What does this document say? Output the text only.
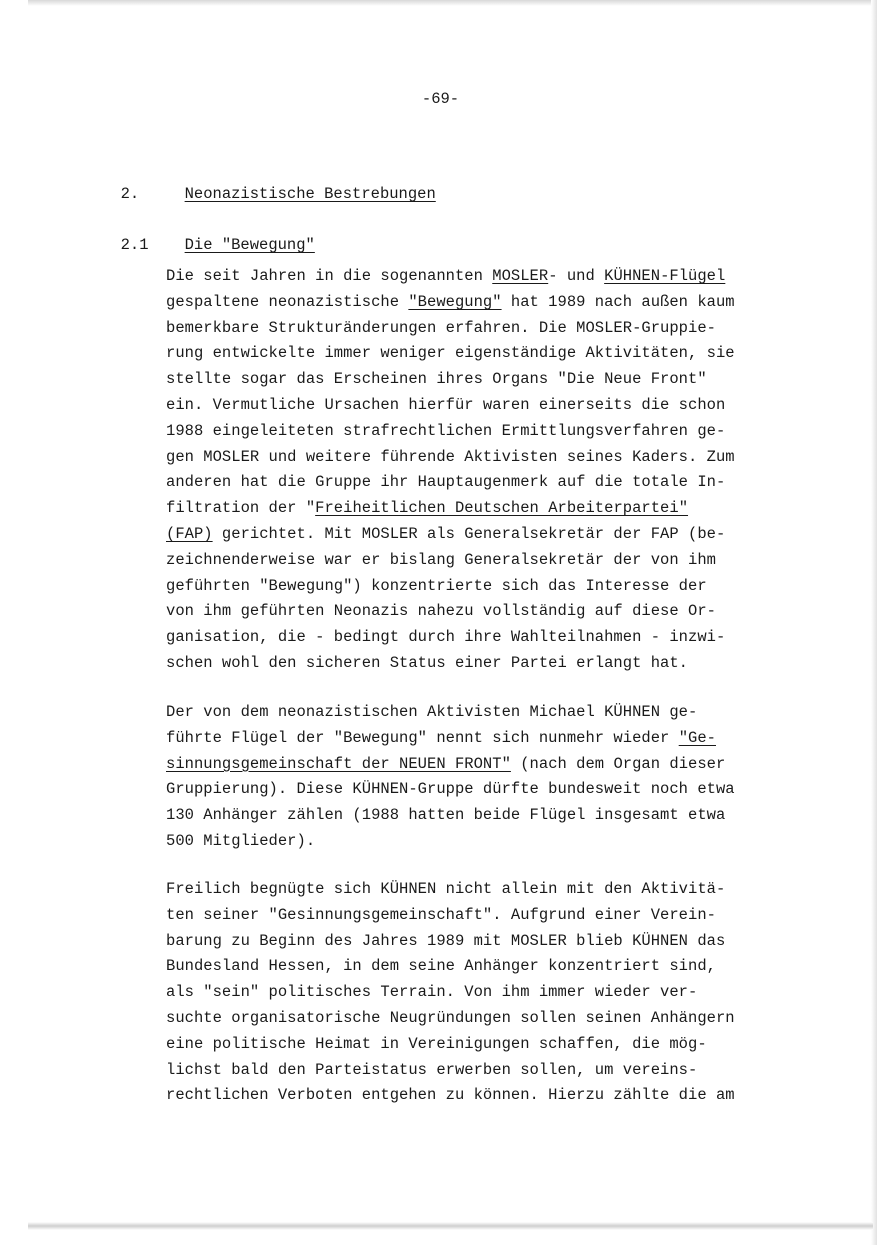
-69-

2.	Neonazistische Bestrebungen

2.1 Die "Bewegung"

Die seit Jahren in die sogenannten MOSLER- und KÜHNEN-Flügel
gespaltene neonazistische "Bewegung" hat 1989 nach außen kaum
bemerkbare Strukturänderungen erfahren. Die MOSLER-Gruppie-
rung entwickelte immer weniger eigenständige Aktivitäten, sie
stellte sogar das Erscheinen ihres Organs "Die Neue Front"
ein. Vermutliche Ursachen hierfür waren einerseits die schon
1988 eingeleiteten strafrechtlichen Ermittlungsverfahren ge-
gen MOSLER und weitere führende Aktivisten seines Kaders. Zum
anderen hat die Gruppe ihr Hauptaugenmerk auf die totale In-
filtration der "Freiheitlichen Deutschen Arbeiterpartei"
(FAP) gerichtet. Mit MOSLER als Generalsekretär der FAP (be-
zeichnenderweise war er bislang Generalsekretär der von ihm
geführten "Bewegung") konzentrierte sich das Interesse der
von ihm geführten Neonazis nahezu vollständig auf diese Or-
ganisation, die - bedingt durch ihre Wahlteilnahmen - inzwi-
schen wohl den sicheren Status einer Partei erlangt hat.
Der von dem neonazistischen Aktivisten Michael KÜHNEN ge-
führte Flügel der "Bewegung" nennt sich nunmehr wieder "Ge-
sinnungsgemeinschaft der NEUEN FRONT" (nach dem Organ dieser
Gruppierung). Diese KÜHNEN-Gruppe dürfte bundesweit noch etwa
130 Anhänger zählen (1988 hatten beide Flügel insgesamt etwa
500 Mitglieder).
Freilich begnügte sich KÜHNEN nicht allein mit den Aktivitä-
ten seiner "Gesinnungsgemeinschaft". Aufgrund einer Verein-
barung zu Beginn des Jahres 1989 mit MOSLER blieb KÜHNEN das
Bundesland Hessen, in dem seine Anhänger konzentriert sind,
als "sein" politisches Terrain. Von ihm immer wieder ver-
suchte organisatorische Neugründungen sollen seinen Anhängern
eine politische Heimat in Vereinigungen schaffen, die mög-
lichst bald den Parteistatus erwerben sollen, um vereins-
rechtlichen Verboten entgehen zu können. Hierzu zählte die am
